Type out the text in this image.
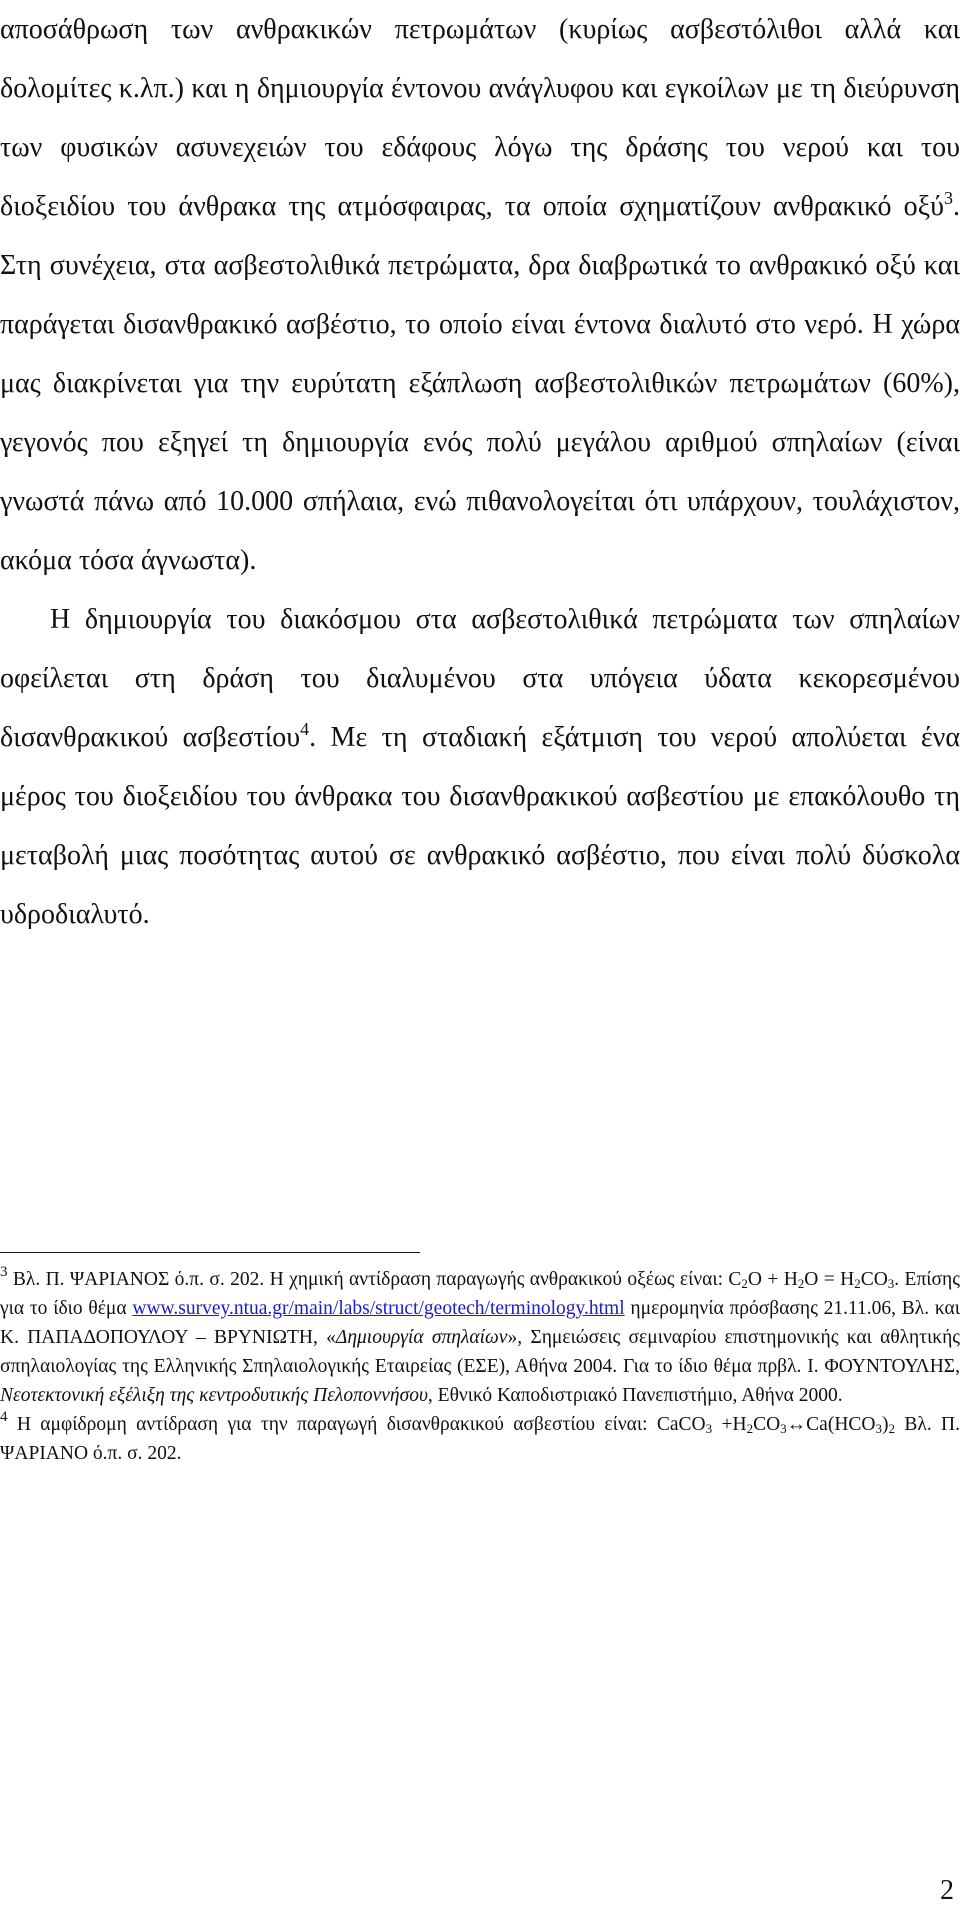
αποσάθρωση των ανθρακικών πετρωμάτων (κυρίως ασβεστόλιθοι αλλά και δολομίτες κ.λπ.) και η δημιουργία έντονου ανάγλυφου και εγκοίλων με τη διεύρυνση των φυσικών ασυνεχειών του εδάφους λόγω της δράσης του νερού και του διοξειδίου του άνθρακα της ατμόσφαιρας, τα οποία σχηματίζουν ανθρακικό οξύ$^3$. Στη συνέχεια, στα ασβεστολιθικά πετρώματα, δρα διαβρωτικά το ανθρακικό οξύ και παράγεται δισανθρακικό ασβέστιο, το οποίο είναι έντονα διαλυτό στο νερό. Η χώρα μας διακρίνεται για την ευρύτατη εξάπλωση ασβεστολιθικών πετρωμάτων (60%), γεγονός που εξηγεί τη δημιουργία ενός πολύ μεγάλου αριθμού σπηλαίων (είναι γνωστά πάνω από 10.000 σπήλαια, ενώ πιθανολογείται ότι υπάρχουν, τουλάχιστον, ακόμα τόσα άγνωστα).

Η δημιουργία του διακόσμου στα ασβεστολιθικά πετρώματα των σπηλαίων οφείλεται στη δράση του διαλυμένου στα υπόγεια ύδατα κεκορεσμένου δισανθρακικού ασβεστίου$^4$. Με τη σταδιακή εξάτμιση του νερού απολύεται ένα μέρος του διοξειδίου του άνθρακα του δισανθρακικού ασβεστίου με επακόλουθο τη μεταβολή μιας ποσότητας αυτού σε ανθρακικό ασβέστιο, που είναι πολύ δύσκολα υδροδιαλυτό.

$^3$ Βλ. Π. ΨΑΡΙΑΝΟΣ ό.π. σ. 202. Η χημική αντίδραση παραγωγής ανθρακικού οξέως είναι: $C_2O + H_2O = H_2CO_3$. Επίσης για το ίδιο θέμα www.survey.ntua.gr/main/labs/struct/geotech/terminology.html ημερομηνία πρόσβασης 21.11.06, Βλ. και Κ. ΠΑΠΑΔΟΠΟΥΛΟΥ – ΒΡΥΝΙΩΤΗ, «Δημιουργία σπηλαίων», Σημειώσεις σεμιναρίου επιστημονικής και αθλητικής σπηλαιολογίας της Ελληνικής Σπηλαιολογικής Εταιρείας (ΕΣΕ), Αθήνα 2004. Για το ίδιο θέμα πρβλ. Ι. ΦΟΥΝΤΟΥΛΗΣ, Νεοτεκτονική εξέλιξη της κεντροδυτικής Πελοποννήσου, Εθνικό Καποδιστριακό Πανεπιστήμιο, Αθήνα 2000.

$^4$ Η αμφίδρομη αντίδραση για την παραγωγή δισανθρακικού ασβεστίου είναι: CaCO$_3$ $+H_2CO_3\leftrightarrow Ca(HCO_3)_2$ Βλ. Π. ΨΑΡΙΑΝΟ ό.π. σ. 202.

2
